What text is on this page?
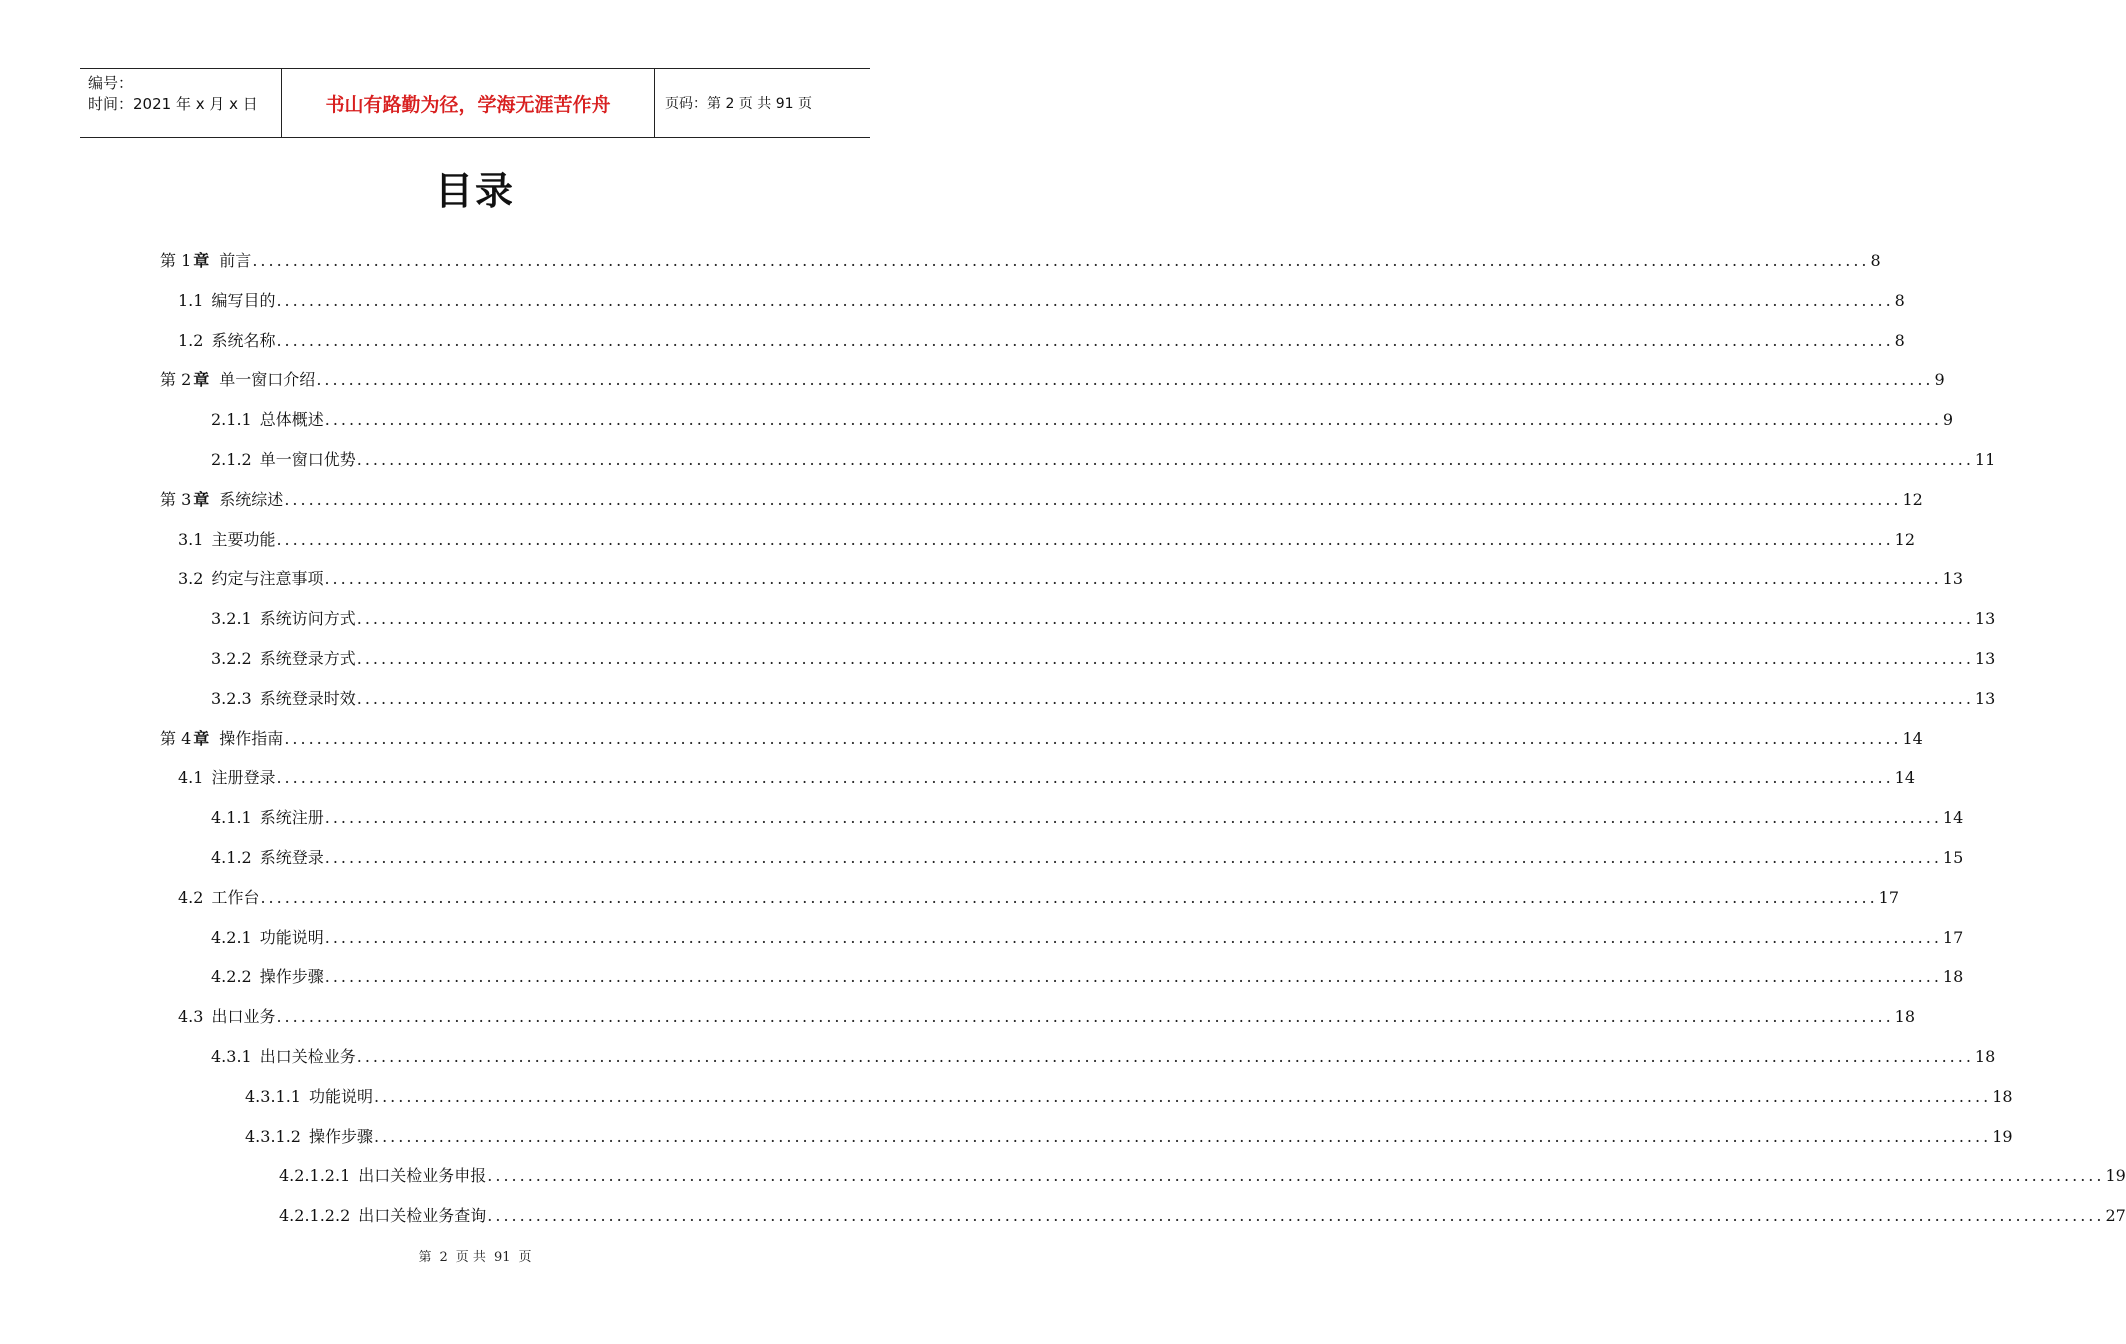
编号：
时间：2021 年 x 月 x 日	书山有路勤为径，学海无涯苦作舟	页码：第 2 页 共 91 页
目录
第 1 章 前言 ........................................................................................................................................................................................................ 8
1.1 编写目的 ........................................................................................................................................................................................................ 8
1.2 系统名称 ........................................................................................................................................................................................................ 8
第 2 章 单一窗口介绍 ........................................................................................................................................................................................................ 9
2.1.1 总体概述 ........................................................................................................................................................................................................ 9
2.1.2 单一窗口优势 ........................................................................................................................................................................................................ 11
第 3 章 系统综述 ........................................................................................................................................................................................................ 12
3.1 主要功能 ........................................................................................................................................................................................................ 12
3.2 约定与注意事项 ........................................................................................................................................................................................................ 13
3.2.1 系统访问方式 ........................................................................................................................................................................................................ 13
3.2.2 系统登录方式 ........................................................................................................................................................................................................ 13
3.2.3 系统登录时效 ........................................................................................................................................................................................................ 13
第 4 章 操作指南 ........................................................................................................................................................................................................ 14
4.1 注册登录 ........................................................................................................................................................................................................ 14
4.1.1 系统注册 ........................................................................................................................................................................................................ 14
4.1.2 系统登录 ........................................................................................................................................................................................................ 15
4.2 工作台 ........................................................................................................................................................................................................ 17
4.2.1 功能说明 ........................................................................................................................................................................................................ 17
4.2.2 操作步骤 ........................................................................................................................................................................................................ 18
4.3 出口业务 ........................................................................................................................................................................................................ 18
4.3.1 出口关检业务 ........................................................................................................................................................................................................ 18
4.3.1.1 功能说明 ........................................................................................................................................................................................................ 18
4.3.1.2 操作步骤 ........................................................................................................................................................................................................ 19
4.2.1.2.1 出口关检业务申报 ........................................................................................................................................................................................................ 19
4.2.1.2.2 出口关检业务查询 ........................................................................................................................................................................................................ 27
第 2 页 共 91 页
